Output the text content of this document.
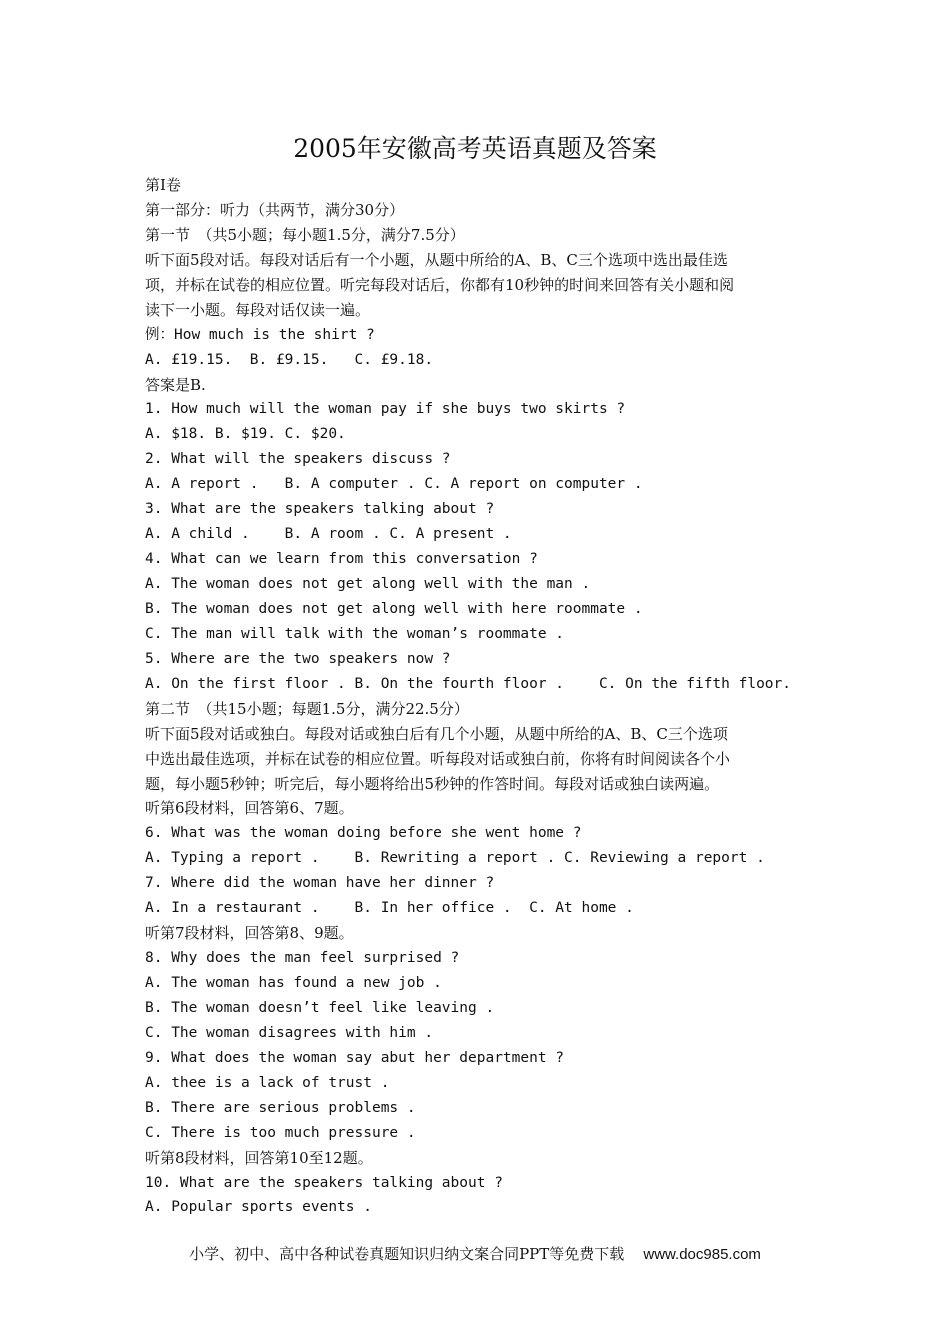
2005年安徽高考英语真题及答案
第Ⅰ卷
第一部分：听力（共两节，满分30分）
第一节　（共5小题；每小题1.5分，满分7.5分）
听下面5段对话。每段对话后有一个小题，从题中所给的A、B、C三个选项中选出最佳选
项，并标在试卷的相应位置。听完每段对话后，你都有10秒钟的时间来回答有关小题和阅
读下一小题。每段对话仅读一遍。
例：How much is the shirt ?
A. £19.15.  B. £9.15.   C. £9.18.
答案是B.
1. How much will the woman pay if she buys two skirts ?
A. $18. B. $19. C. $20.
2. What will the speakers discuss ?
A. A report .   B. A computer . C. A report on computer .
3. What are the speakers talking about ?
A. A child .    B. A room . C. A present .
4. What can we learn from this conversation ?
A. The woman does not get along well with the man .
B. The woman does not get along well with here roommate .
C. The man will talk with the woman’s roommate .
5. Where are the two speakers now ?
A. On the first floor . B. On the fourth floor .    C. On the fifth floor.
第二节　（共15小题；每题1.5分，满分22.5分）
听下面5段对话或独白。每段对话或独白后有几个小题，从题中所给的A、B、C三个选项
中选出最佳选项，并标在试卷的相应位置。听每段对话或独白前，你将有时间阅读各个小
题，每小题5秒钟；听完后，每小题将给出5秒钟的作答时间。每段对话或独白读两遍。
听第6段材料，回答第6、7题。
6. What was the woman doing before she went home ?
A. Typing a report .    B. Rewriting a report . C. Reviewing a report .
7. Where did the woman have her dinner ?
A. In a restaurant .    B. In her office .  C. At home .
听第7段材料，回答第8、9题。
8. Why does the man feel surprised ?
A. The woman has found a new job .
B. The woman doesn’t feel like leaving .
C. The woman disagrees with him .
9. What does the woman say abut her department ?
A. thee is a lack of trust .
B. There are serious problems .
C. There is too much pressure .
听第8段材料，回答第10至12题。
10. What are the speakers talking about ?
A. Popular sports events .
小学、初中、高中各种试卷真题知识归纳文案合同PPT等免费下载 www.doc985.com
